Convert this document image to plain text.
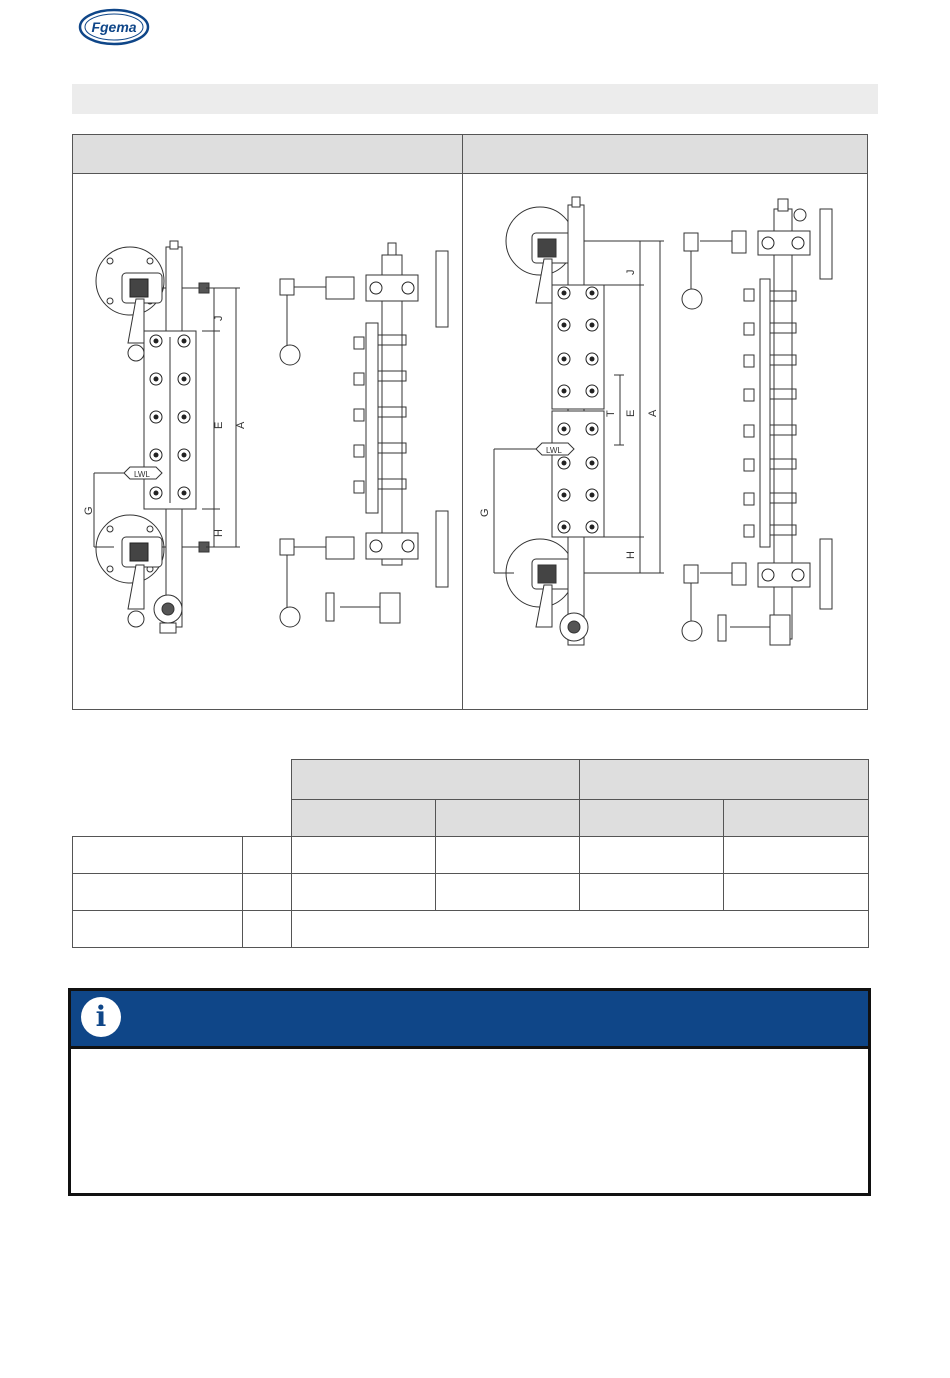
Fgema
J
E A
G
H
LWL
J
T E A
G
H
LWL

i
